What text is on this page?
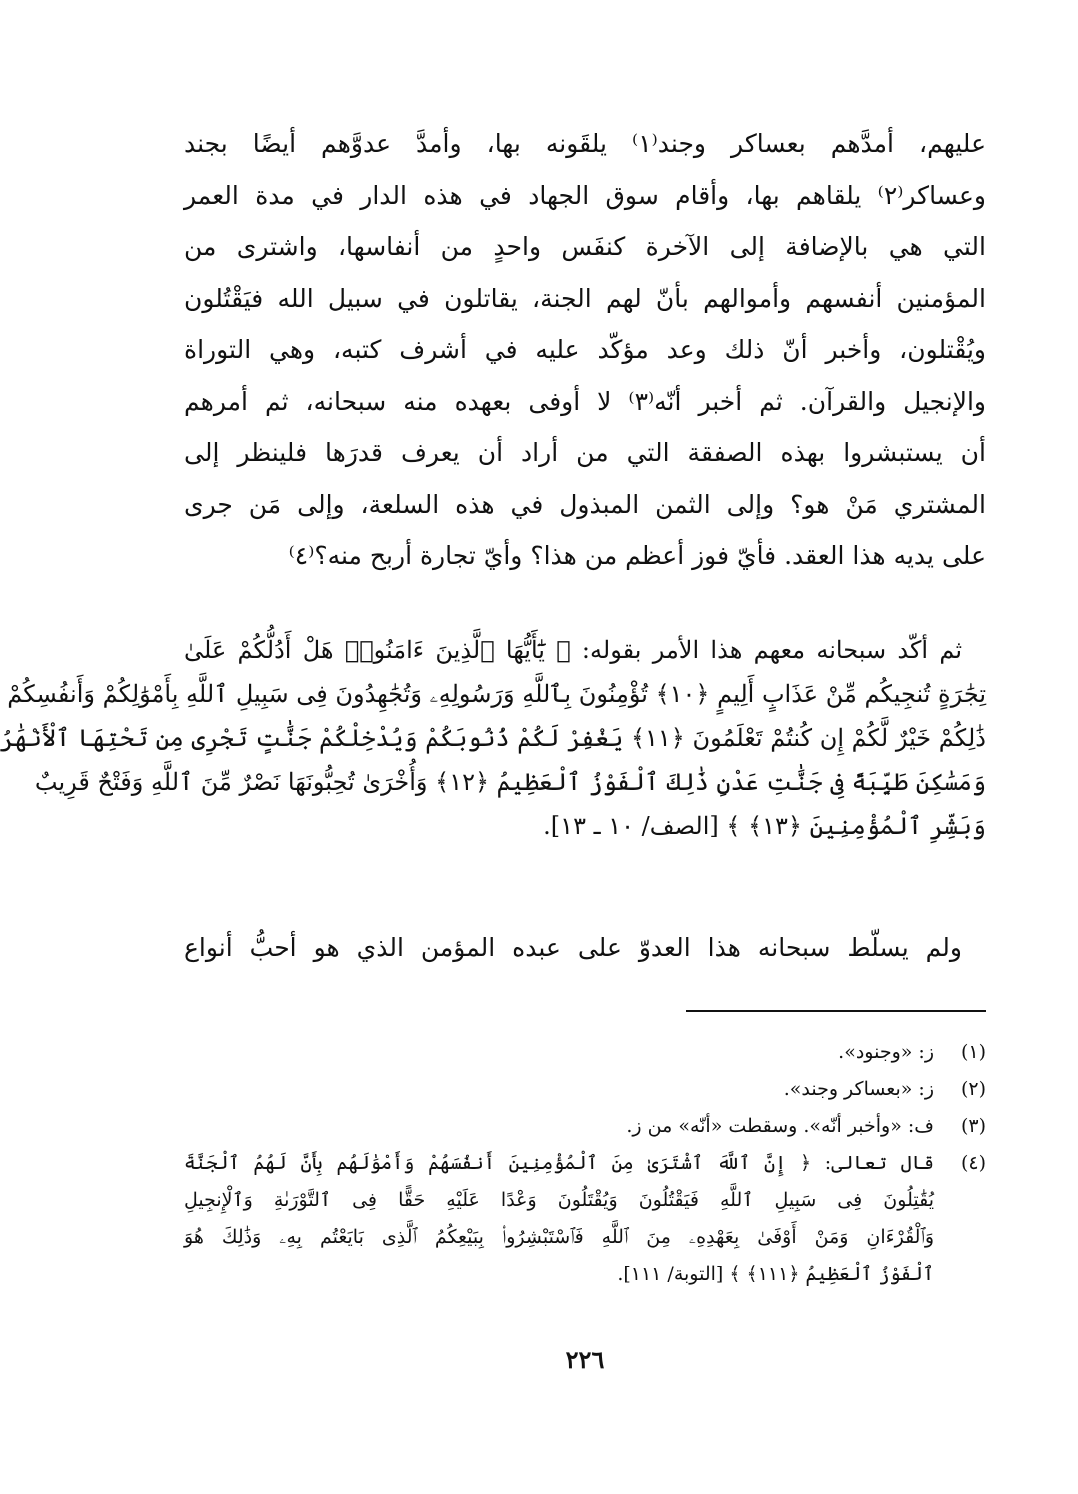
عليهم، أمدَّهم بعساكر وجند⁽١⁾ يلقَونه بها، وأمدَّ عدوَّهم أيضًا بجند
وعساكر⁽٢⁾ يلقاهم بها، وأقام سوق الجهاد في هذه الدار في مدة العمر
التي هي بالإضافة إلى الآخرة كنفَس واحدٍ من أنفاسها، واشترى من
المؤمنين أنفسهم وأموالهم بأنّ لهم الجنة، يقاتلون في سبيل الله فيَقْتُلون
ويُقْتلون، وأخبر أنّ ذلك وعد مؤكّد عليه في أشرف كتبه، وهي التوراة
والإنجيل والقرآن. ثم أخبر أنّه⁽٣⁾ لا أوفى بعهده منه سبحانه، ثم أمرهم
أن يستبشروا بهذه الصفقة التي من أراد أن يعرف قدرَها فلينظر إلى
المشتري مَنْ هو؟ وإلى الثمن المبذول في هذه السلعة، وإلى مَن جرى
على يديه هذا العقد. فأيّ فوز أعظم من هذا؟ وأيّ تجارة أربح منه؟⁽٤⁾

ثم أكّد سبحانه معهم هذا الأمر بقوله: ﴿ يَٰٓأَيُّهَا ٱلَّذِينَ ءَامَنُوا۟ هَلْ أَدُلُّكُمْ عَلَىٰ
تِجَٰرَةٍ تُنجِيكُم مِّنْ عَذَابٍ أَلِيمٍ ﴿١٠﴾ تُؤْمِنُونَ بِٱللَّهِ وَرَسُولِهِۦ وَتُجَٰهِدُونَ فِى سَبِيلِ ٱللَّهِ بِأَمْوَٰلِكُمْ وَأَنفُسِكُمْ
ذَٰلِكُمْ خَيْرٌ لَّكُمْ إِن كُنتُمْ تَعْلَمُونَ ﴿١١﴾ يَغْفِرْ لَكُمْ ذُنُوبَكُمْ وَيُدْخِلْكُمْ جَنَّٰتٍ تَجْرِى مِن تَحْتِهَا ٱلْأَنْهَٰرُ
وَمَسَٰكِنَ طَيِّبَةً فِى جَنَّٰتِ عَدْنٍ ذَٰلِكَ ٱلْفَوْزُ ٱلْعَظِيمُ ﴿١٢﴾ وَأُخْرَىٰ تُحِبُّونَهَا نَصْرٌ مِّنَ ٱللَّهِ وَفَتْحٌ قَرِيبٌ
وَبَشِّرِ ٱلْمُؤْمِنِينَ ﴿١٣﴾ ﴾ [الصف/ ١٠ ـ ١٣].

ولم يسلّط سبحانه هذا العدوّ على عبده المؤمن الذي هو أحبُّ أنواع

(١)
ز: «وجنود».
(٢)
ز: «بعساكر وجند».
(٣)
ف: «وأخبر أنّه». وسقطت «أنّه» من ز.
(٤)
قال تعالى: ﴿ إِنَّ ٱللَّهَ ٱشْتَرَىٰ مِنَ ٱلْمُؤْمِنِينَ أَنفُسَهُمْ وَأَمْوَٰلَهُم بِأَنَّ لَهُمُ ٱلْجَنَّةَ
يُقَٰتِلُونَ فِى سَبِيلِ ٱللَّهِ فَيَقْتُلُونَ وَيُقْتَلُونَ وَعْدًا عَلَيْهِ حَقًّا فِى ٱلتَّوْرَىٰةِ وَٱلْإِنجِيلِ
وَٱلْقُرْءَانِ وَمَنْ أَوْفَىٰ بِعَهْدِهِۦ مِنَ ٱللَّهِ فَٱسْتَبْشِرُوا۟ بِبَيْعِكُمُ ٱلَّذِى بَايَعْتُم بِهِۦ وَذَٰلِكَ هُوَ
ٱلْفَوْزُ ٱلْعَظِيمُ ﴿١١١﴾ ﴾ [التوبة/ ١١١].
٢٢٦
